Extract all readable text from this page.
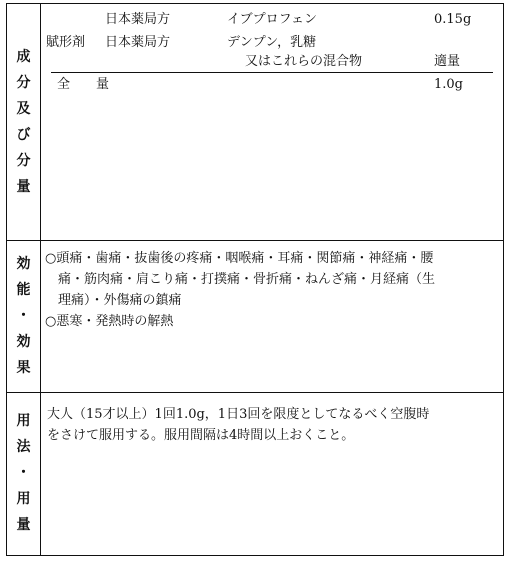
成
分
及
び
分
量
日本薬局方	イブプロフェン	0.15g
賦形剤 日本薬局方	デンプン，乳糖
又はこれらの混合物	適量
全　　量	1.0g
効
能
・
効
果
○頭痛・歯痛・抜歯後の疼痛・咽喉痛・耳痛・関節痛・神経痛・腰
　痛・筋肉痛・肩こり痛・打撲痛・骨折痛・ねんざ痛・月経痛（生
　理痛）・外傷痛の鎮痛
○悪寒・発熱時の解熱
用
法
・
用
量
大人（15才以上）1回1.0g，1日3回を限度としてなるべく空腹時
をさけて服用する。服用間隔は4時間以上おくこと。
